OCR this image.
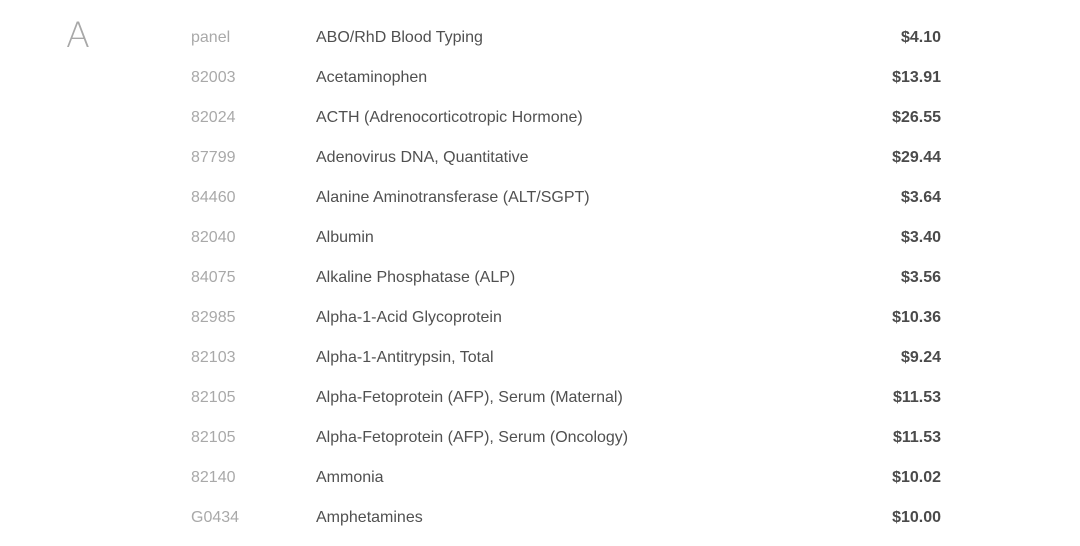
A	panel	ABO/RhD Blood Typing	$4.10
82003	Acetaminophen	$13.91
82024	ACTH (Adrenocorticotropic Hormone)	$26.55
87799	Adenovirus DNA, Quantitative	$29.44
84460	Alanine Aminotransferase (ALT/SGPT)	$3.64
82040	Albumin	$3.40
84075	Alkaline Phosphatase (ALP)	$3.56
82985	Alpha-1-Acid Glycoprotein	$10.36
82103	Alpha-1-Antitrypsin, Total	$9.24
82105	Alpha-Fetoprotein (AFP), Serum (Maternal)	$11.53
82105	Alpha-Fetoprotein (AFP), Serum (Oncology)	$11.53
82140	Ammonia	$10.02
G0434	Amphetamines	$10.00
